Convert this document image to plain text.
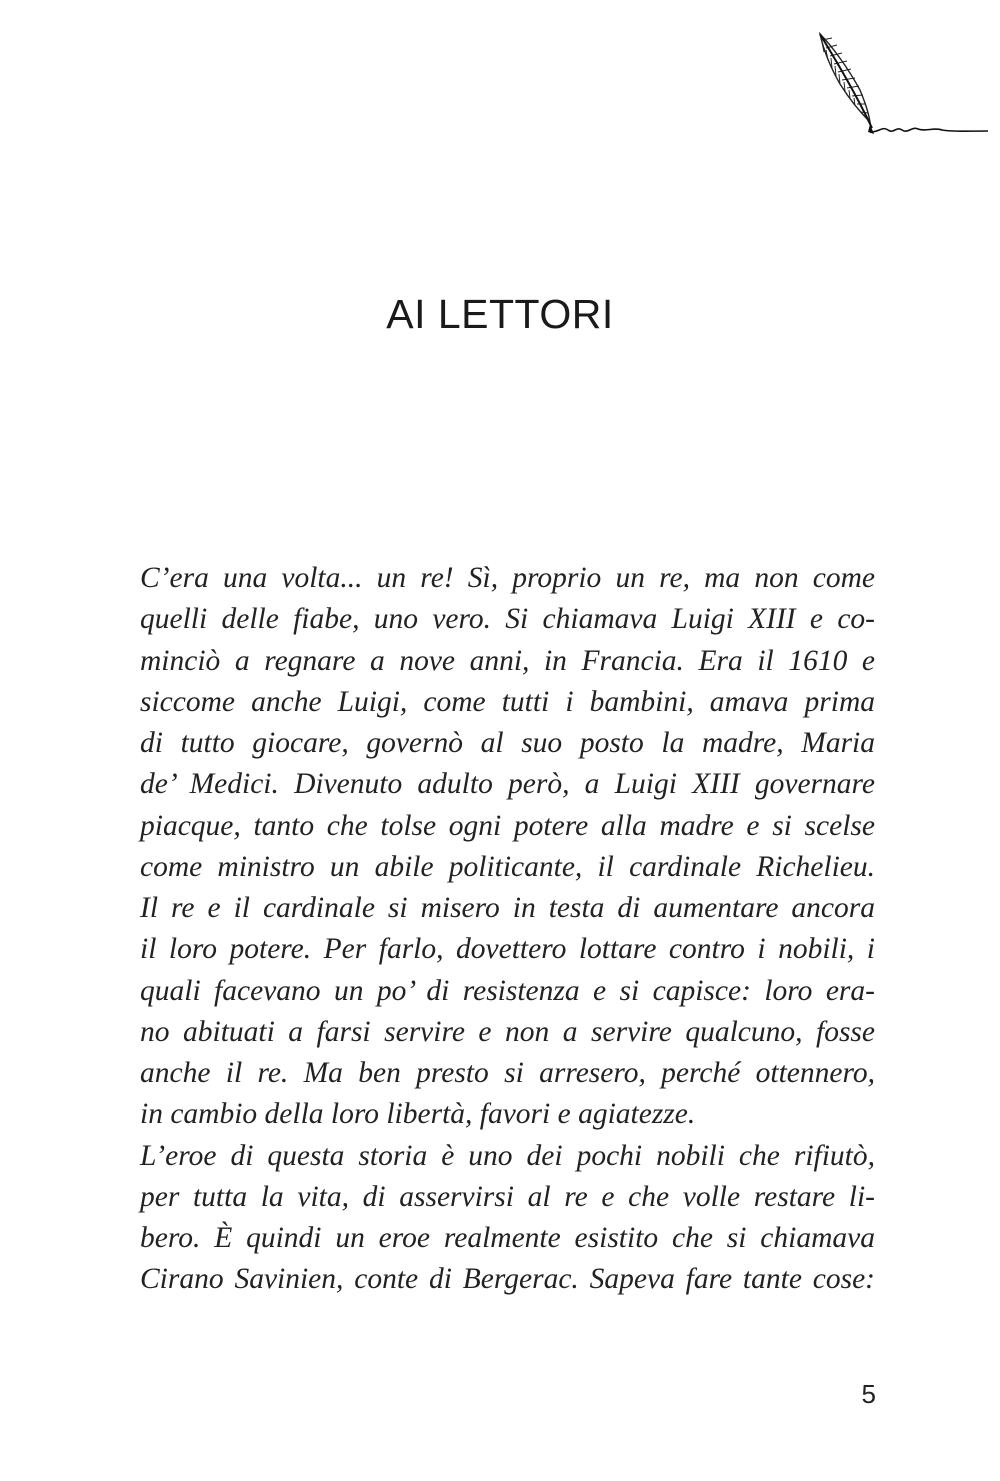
AI LETTORI
C’era una volta... un re! Sì, proprio un re, ma non come
quelli delle fiabe, uno vero. Si chiamava Luigi XIII e co-
minciò a regnare a nove anni, in Francia. Era il 1610 e
siccome anche Luigi, come tutti i bambini, amava prima
di tutto giocare, governò al suo posto la madre, Maria
de’ Medici. Divenuto adulto però, a Luigi XIII governare
piacque, tanto che tolse ogni potere alla madre e si scelse
come ministro un abile politicante, il cardinale Richelieu.
Il re e il cardinale si misero in testa di aumentare ancora
il loro potere. Per farlo, dovettero lottare contro i nobili, i
quali facevano un po’ di resistenza e si capisce: loro era-
no abituati a farsi servire e non a servire qualcuno, fosse
anche il re. Ma ben presto si arresero, perché ottennero,
in cambio della loro libertà, favori e agiatezze.
L’eroe di questa storia è uno dei pochi nobili che rifiutò,
per tutta la vita, di asservirsi al re e che volle restare li-
bero. È quindi un eroe realmente esistito che si chiamava
Cirano Savinien, conte di Bergerac. Sapeva fare tante cose:
5
